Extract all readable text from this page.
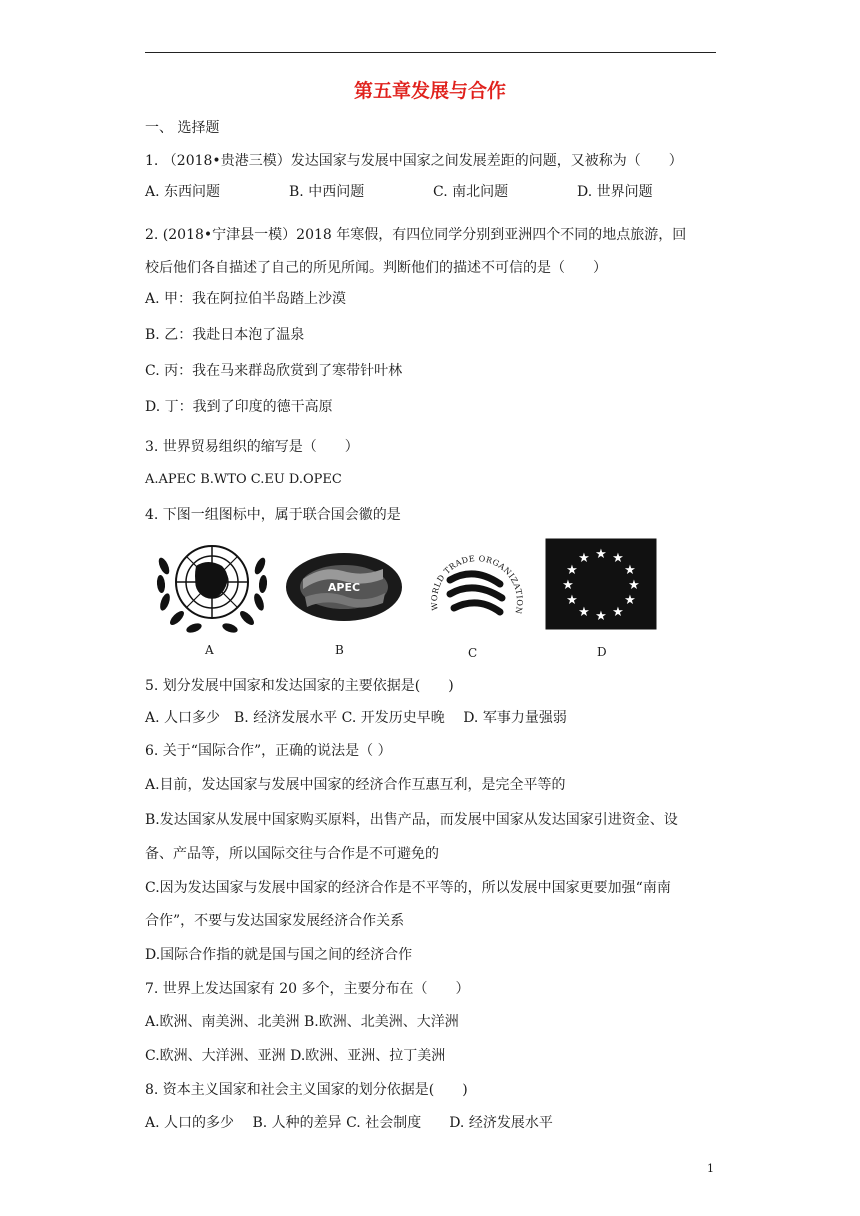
第五章发展与合作
一、 选择题
1. （2018•贵港三模）发达国家与发展中国家之间发展差距的问题，又被称为（　　）
A. 东西问题	B. 中西问题	C. 南北问题	D. 世界问题
2. (2018•宁津县一模）2018 年寒假，有四位同学分别到亚洲四个不同的地点旅游，回
校后他们各自描述了自己的所见所闻。判断他们的描述不可信的是（　　）
A. 甲：我在阿拉伯半岛踏上沙漠
B. 乙：我赴日本泡了温泉
C. 丙：我在马来群岛欣赏到了寒带针叶林
D. 丁：我到了印度的德干高原
3. 世界贸易组织的缩写是（　　）
A.APEC B.WTO C.EU D.OPEC
4. 下图一组图标中，属于联合国会徽的是
A
APEC
B
WORLD TRADE ORGANIZATION
C
★ ★
★
★
★
★
★
★
★
★
★
★
D
5. 划分发展中国家和发达国家的主要依据是(　　)
A. 人口多少　B. 经济发展水平 C. 开发历史早晚　 D. 军事力量强弱
6. 关于“国际合作”，正确的说法是（ ）
A.目前，发达国家与发展中国家的经济合作互惠互利，是完全平等的
B.发达国家从发展中国家购买原料，出售产品，而发展中国家从发达国家引进资金、设
备、产品等，所以国际交往与合作是不可避免的
C.因为发达国家与发展中国家的经济合作是不平等的，所以发展中国家更要加强“南南
合作”，不要与发达国家发展经济合作关系
D.国际合作指的就是国与国之间的经济合作
7. 世界上发达国家有 20 多个，主要分布在（　　）
A.欧洲、南美洲、北美洲 B.欧洲、北美洲、大洋洲
C.欧洲、大洋洲、亚洲 D.欧洲、亚洲、拉丁美洲
8. 资本主义国家和社会主义国家的划分依据是(　　)
A. 人口的多少　 B. 人种的差异 C. 社会制度　　D. 经济发展水平
1
